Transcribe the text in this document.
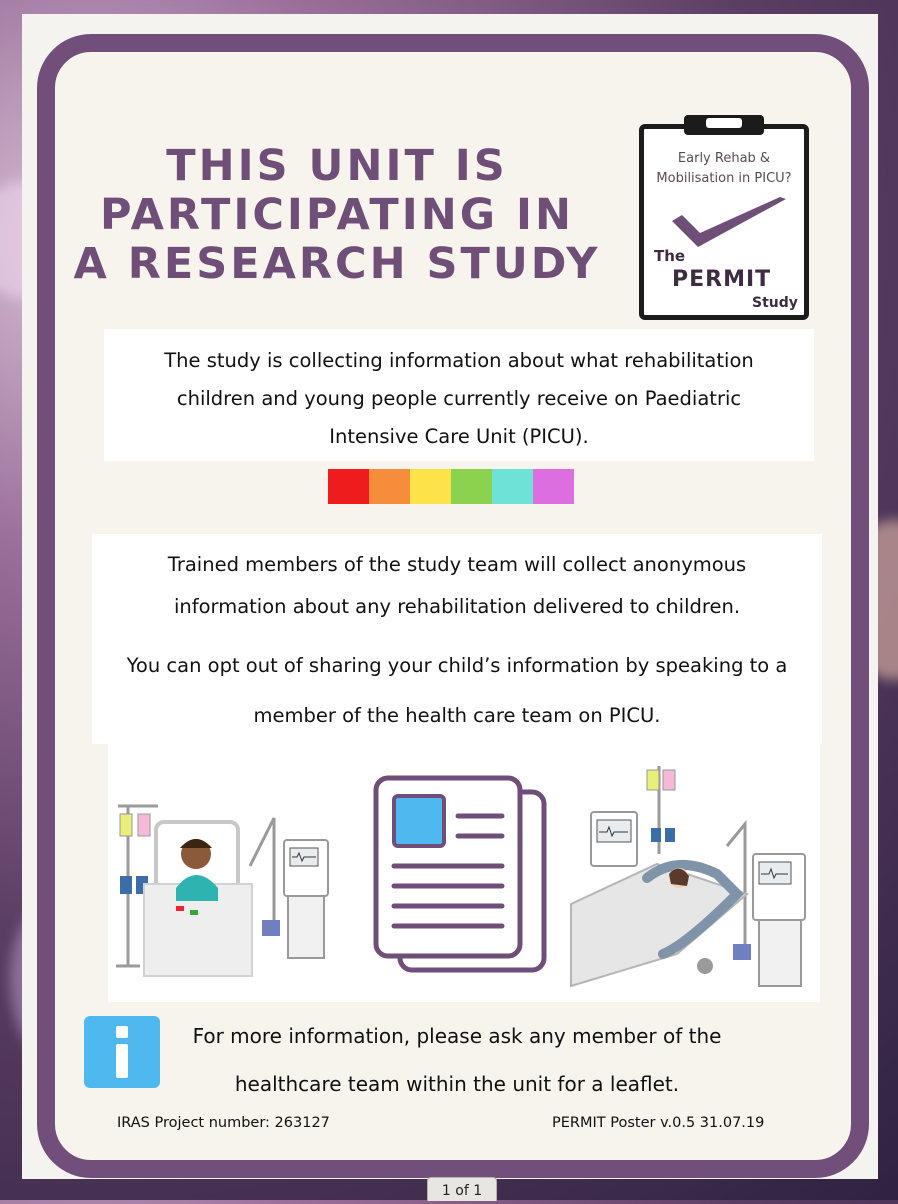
THIS UNIT IS
PARTICIPATING IN
A RESEARCH STUDY
Early Rehab &
Mobilisation in PICU?
The
PERMIT
Study
The study is collecting information about what rehabilitation
children and young people currently receive on Paediatric
Intensive Care Unit (PICU).
Trained members of the study team will collect anonymous
information about any rehabilitation delivered to children.
You can opt out of sharing your child’s information by speaking to a
member of the health care team on PICU.
For more information, please ask any member of the
healthcare team within the unit for a leaflet.
IRAS Project number: 263127	PERMIT Poster v.0.5 31.07.19
1 of 1
